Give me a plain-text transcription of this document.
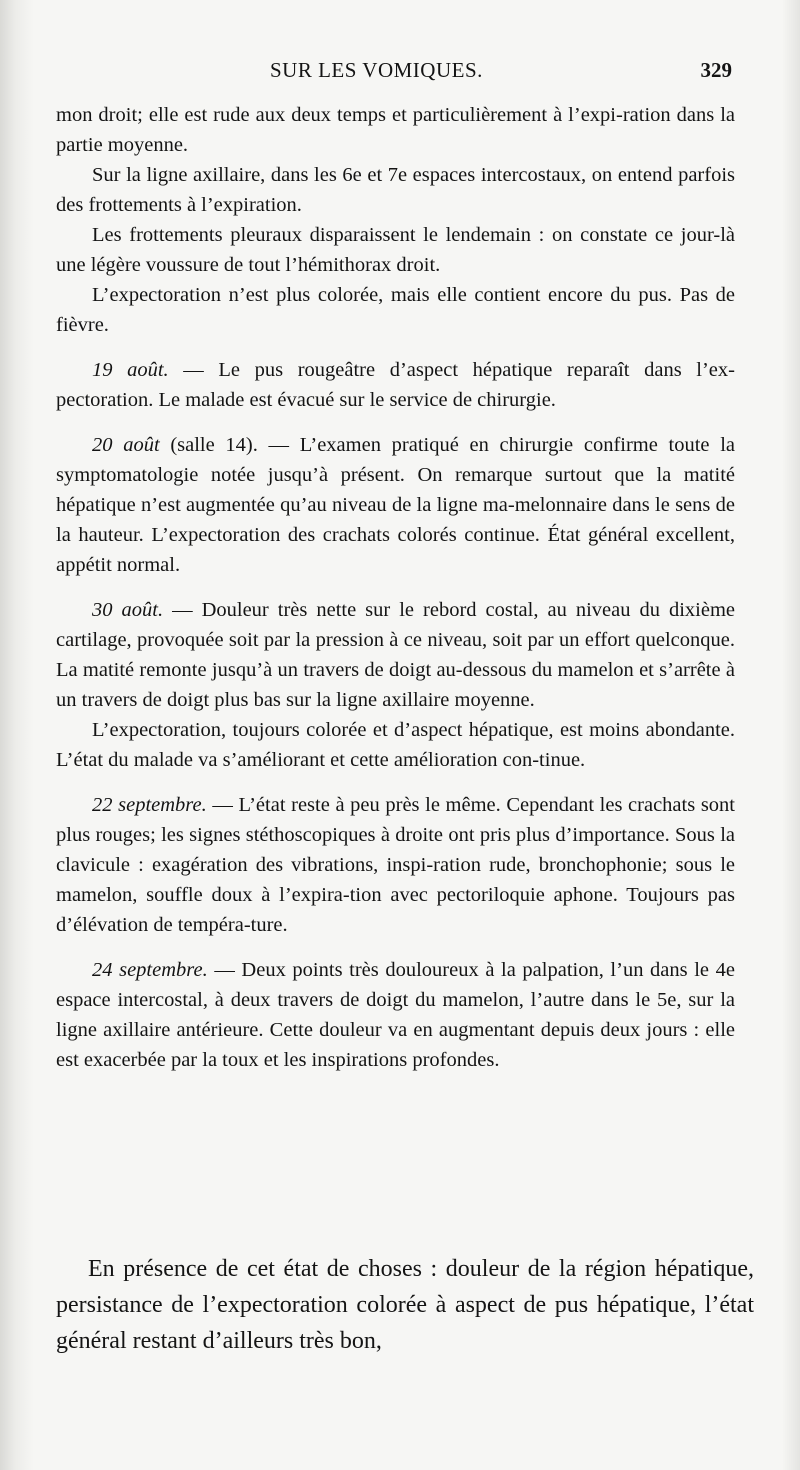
SUR LES VOMIQUES.	329

mon droit; elle est rude aux deux temps et particulièrement à l’expi-ration dans la partie moyenne.

Sur la ligne axillaire, dans les 6e et 7e espaces intercostaux, on entend parfois des frottements à l’expiration.

Les frottements pleuraux disparaissent le lendemain : on constate ce jour-là une légère voussure de tout l’hémithorax droit.

L’expectoration n’est plus colorée, mais elle contient encore du pus. Pas de fièvre.

19 août. — Le pus rougeâtre d’aspect hépatique reparaît dans l’ex-pectoration. Le malade est évacué sur le service de chirurgie.

20 août (salle 14). — L’examen pratiqué en chirurgie confirme toute la symptomatologie notée jusqu’à présent. On remarque surtout que la matité hépatique n’est augmentée qu’au niveau de la ligne ma-melonnaire dans le sens de la hauteur. L’expectoration des crachats colorés continue. État général excellent, appétit normal.

30 août. — Douleur très nette sur le rebord costal, au niveau du dixième cartilage, provoquée soit par la pression à ce niveau, soit par un effort quelconque. La matité remonte jusqu’à un travers de doigt au-dessous du mamelon et s’arrête à un travers de doigt plus bas sur la ligne axillaire moyenne.

L’expectoration, toujours colorée et d’aspect hépatique, est moins abondante. L’état du malade va s’améliorant et cette amélioration con-tinue.

22 septembre. — L’état reste à peu près le même. Cependant les crachats sont plus rouges; les signes stéthoscopiques à droite ont pris plus d’importance. Sous la clavicule : exagération des vibrations, inspi-ration rude, bronchophonie; sous le mamelon, souffle doux à l’expira-tion avec pectoriloquie aphone. Toujours pas d’élévation de tempéra-ture.

24 septembre. — Deux points très douloureux à la palpation, l’un dans le 4e espace intercostal, à deux travers de doigt du mamelon, l’autre dans le 5e, sur la ligne axillaire antérieure. Cette douleur va en augmentant depuis deux jours : elle est exacerbée par la toux et les inspirations profondes.

En présence de cet état de choses : douleur de la région hépatique, persistance de l’expectoration colorée à aspect de pus hépatique, l’état général restant d’ailleurs très bon,
